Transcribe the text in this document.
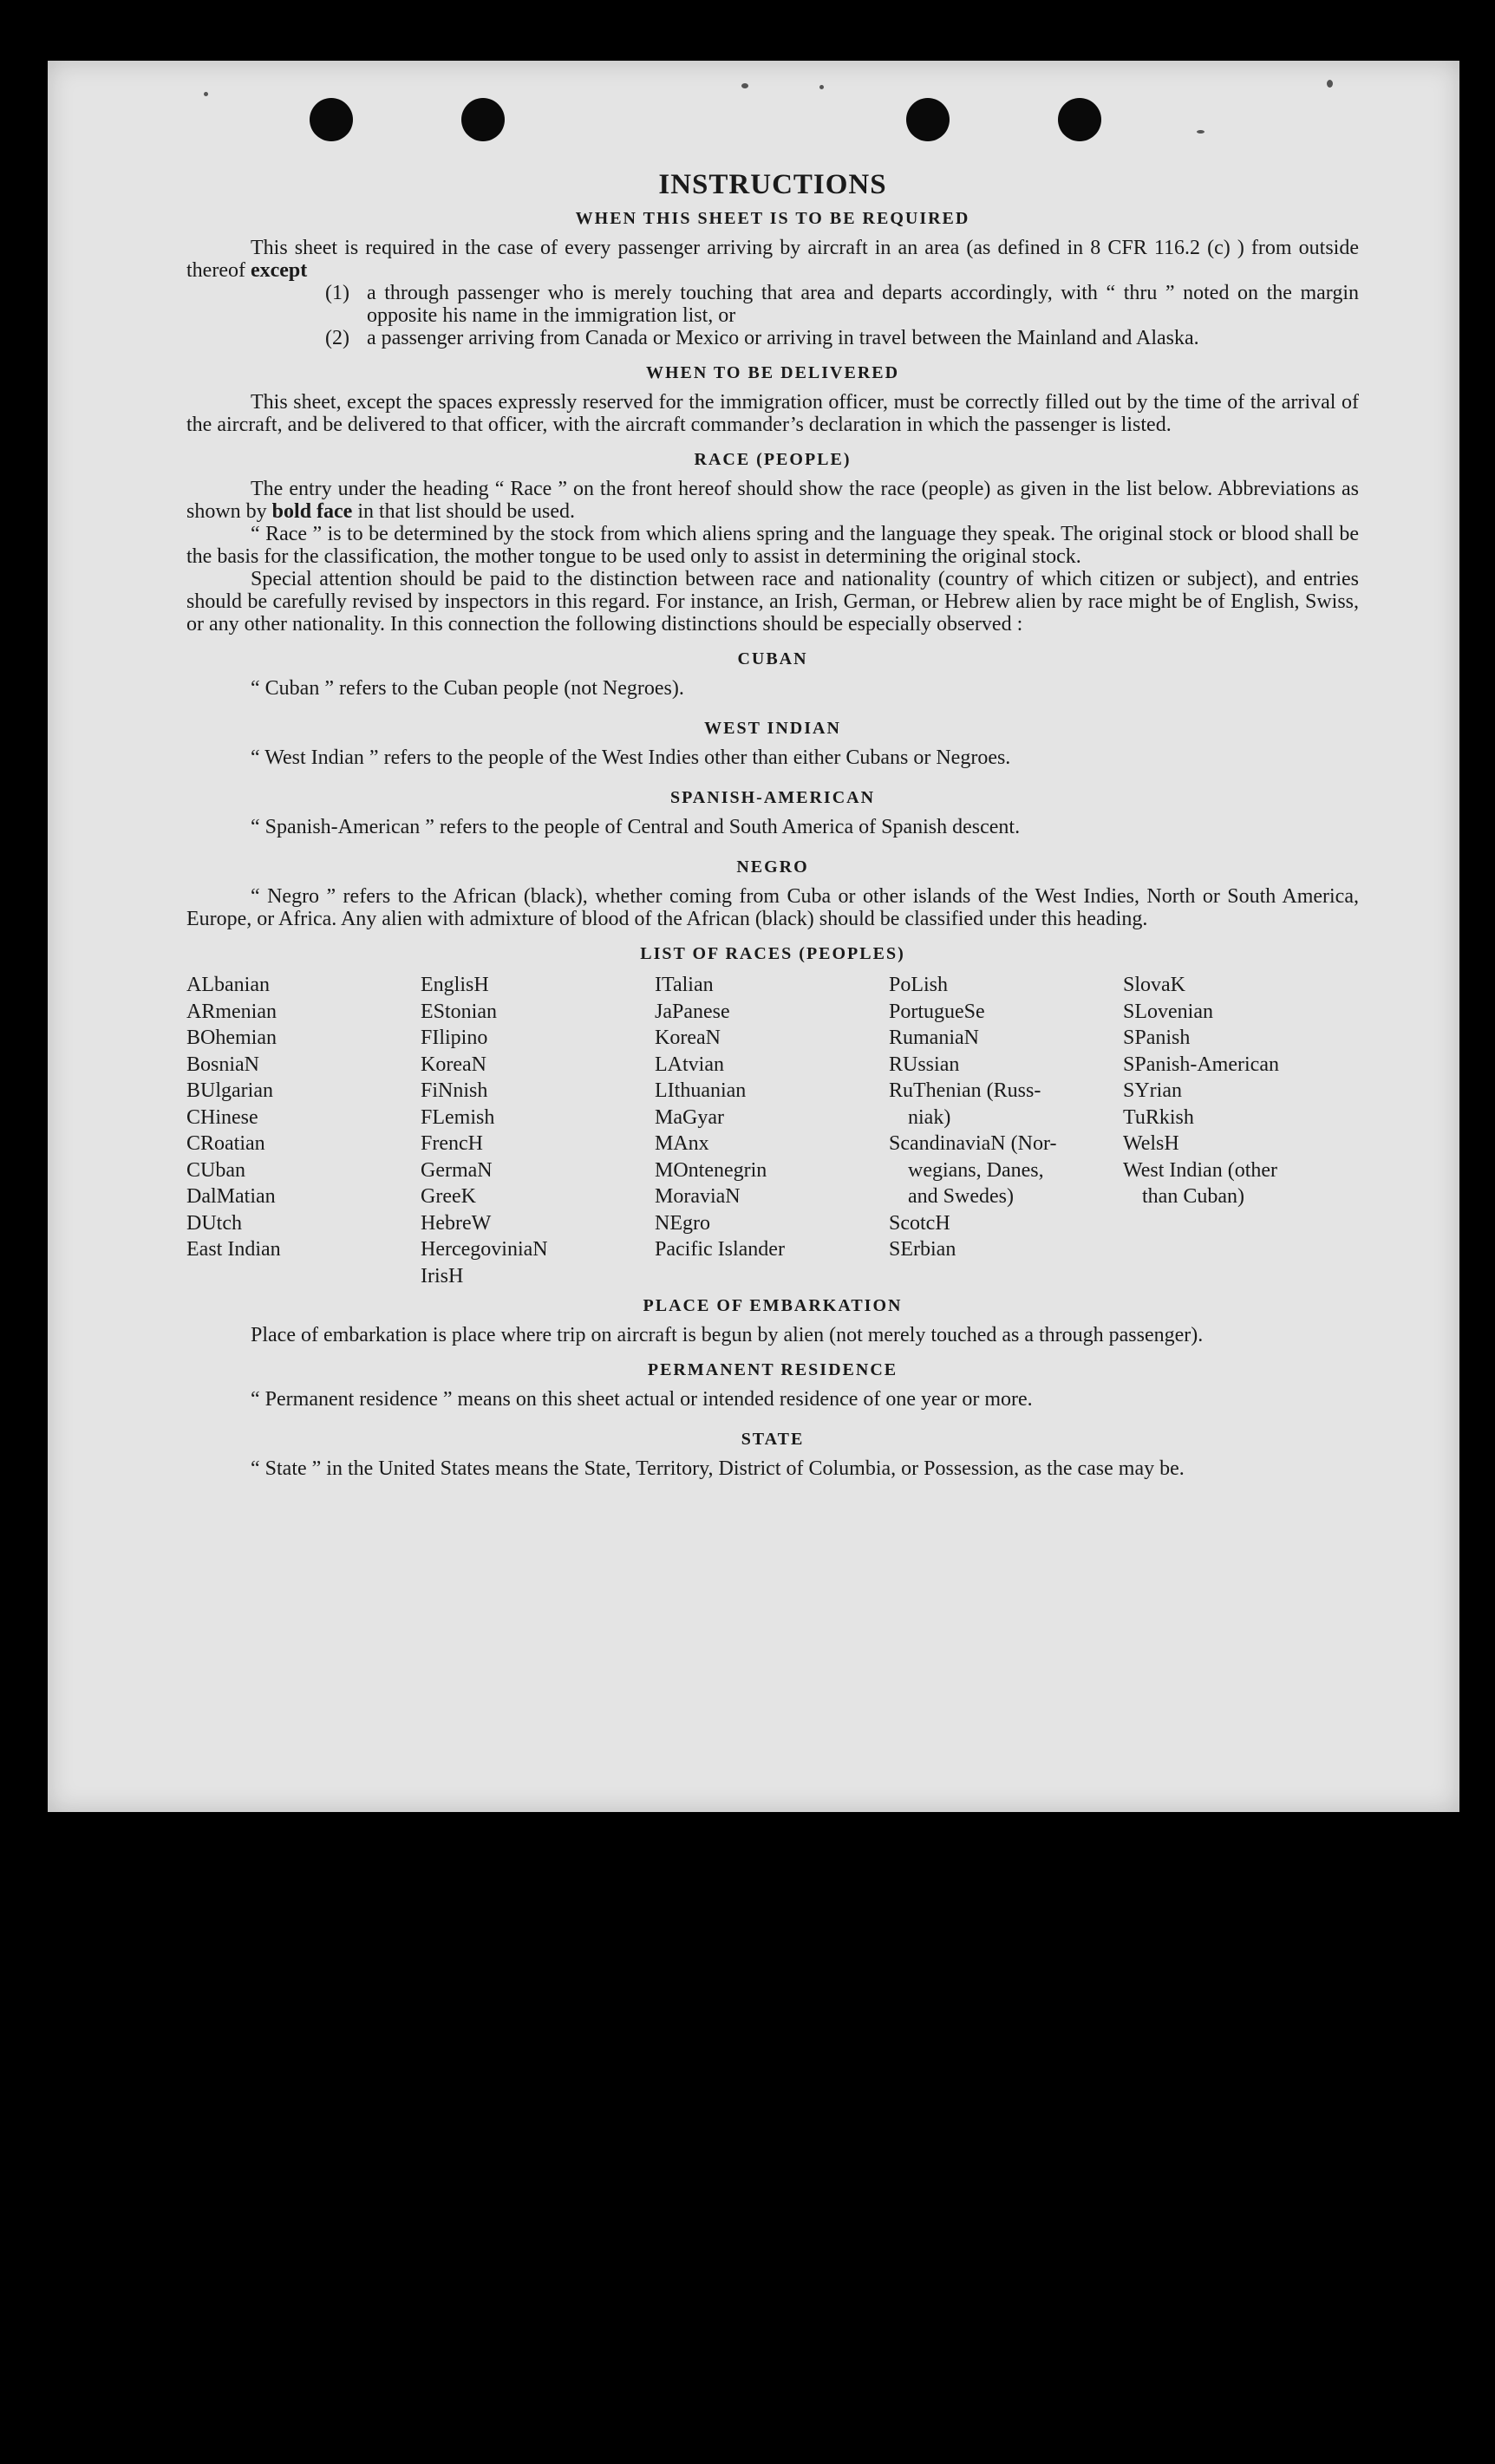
INSTRUCTIONS
WHEN THIS SHEET IS TO BE REQUIRED

This sheet is required in the case of every passenger arriving by aircraft in an area (as defined in 8 CFR 116.2 (c) ) from outside thereof except

(1) a through passenger who is merely touching that area and departs accordingly, with “ thru ” noted on the margin opposite his name in the immigration list, or
(2) a passenger arriving from Canada or Mexico or arriving in travel between the Mainland and Alaska.
WHEN TO BE DELIVERED

This sheet, except the spaces expressly reserved for the immigration officer, must be correctly filled out by the time of the arrival of the aircraft, and be delivered to that officer, with the aircraft commander’s declaration in which the passenger is listed.

RACE (PEOPLE)

The entry under the heading “ Race ” on the front hereof should show the race (people) as given in the list below. Abbreviations as shown by bold face in that list should be used.

“ Race ” is to be determined by the stock from which aliens spring and the language they speak. The original stock or blood shall be the basis for the classification, the mother tongue to be used only to assist in determining the original stock.

Special attention should be paid to the distinction between race and nationality (country of which citizen or subject), and entries should be carefully revised by inspectors in this regard. For instance, an Irish, German, or Hebrew alien by race might be of English, Swiss, or any other nationality. In this connection the following distinctions should be especially observed :

CUBAN

“ Cuban ” refers to the Cuban people (not Negroes).

WEST INDIAN

“ West Indian ” refers to the people of the West Indies other than either Cubans or Negroes.

SPANISH-AMERICAN

“ Spanish-American ” refers to the people of Central and South America of Spanish descent.

NEGRO

“ Negro ” refers to the African (black), whether coming from Cuba or other islands of the West Indies, North or South America, Europe, or Africa. Any alien with admixture of blood of the African (black) should be classified under this heading.

LIST OF RACES (PEOPLES)
ALbanian
ARmenian
BOhemian
BosniaN
BUlgarian
CHinese
CRoatian
CUban
DalMatian
DUtch
East Indian
EnglisH
EStonian
FIlipino
KoreaN
FiNnish
FLemish
FrencH
GermaN
GreeK
HebreW
HercegoviniaN
IrisH
ITalian
JaPanese
KoreaN
LAtvian
LIthuanian
MaGyar
MAnx
MOntenegrin
MoraviaN
NEgro
Pacific Islander
PoLish
PortugueSe
RumaniaN
RUssian
RuThenian (Russ-
niak)
ScandinaviaN (Nor-
wegians, Danes,
and Swedes)
ScotcH
SErbian
SlovaK
SLovenian
SPanish
SPanish-American
SYrian
TuRkish
WelsH
West Indian (other
than Cuban)
PLACE OF EMBARKATION

Place of embarkation is place where trip on aircraft is begun by alien (not merely touched as a through passenger).

PERMANENT RESIDENCE

“ Permanent residence ” means on this sheet actual or intended residence of one year or more.

STATE

“ State ” in the United States means the State, Territory, District of Columbia, or Possession, as the case may be.
